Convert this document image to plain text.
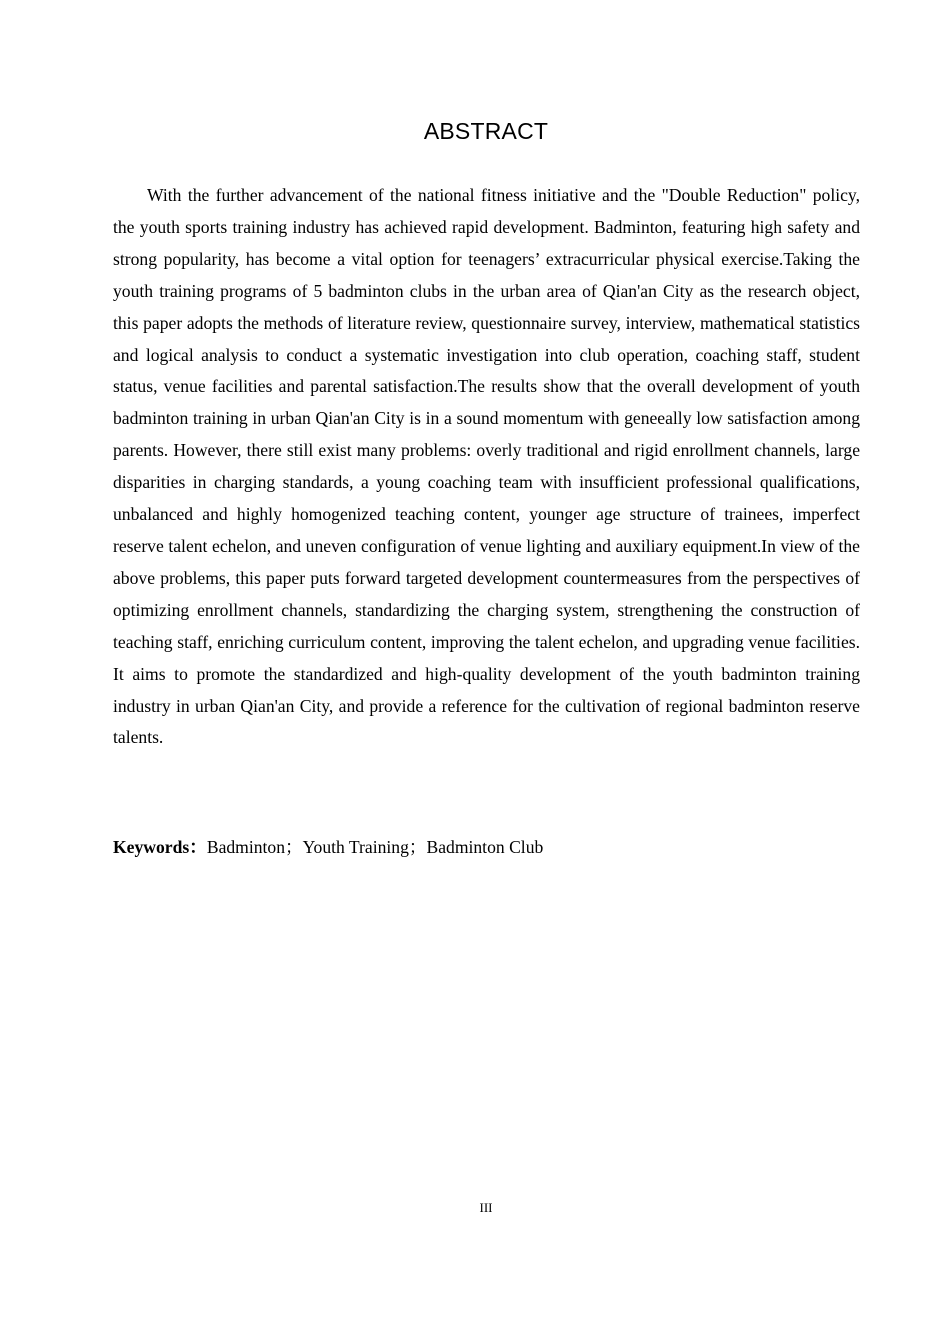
ABSTRACT

With the further advancement of the national fitness initiative and the "Double Reduction" policy, the youth sports training industry has achieved rapid development. Badminton, featuring high safety and strong popularity, has become a vital option for teenagers’ extracurricular physical exercise.Taking the youth training programs of 5 badminton clubs in the urban area of Qian'an City as the research object, this paper adopts the methods of literature review, questionnaire survey, interview, mathematical statistics and logical analysis to conduct a systematic investigation into club operation, coaching staff, student status, venue facilities and parental satisfaction.The results show that the overall development of youth badminton training in urban Qian'an City is in a sound momentum with geneeally low satisfaction among parents. However, there still exist many problems: overly traditional and rigid enrollment channels, large disparities in charging standards, a young coaching team with insufficient professional qualifications, unbalanced and highly homogenized teaching content, younger age structure of trainees, imperfect reserve talent echelon, and uneven configuration of venue lighting and auxiliary equipment.In view of the above problems, this paper puts forward targeted development countermeasures from the perspectives of optimizing enrollment channels, standardizing the charging system, strengthening the construction of teaching staff, enriching curriculum content, improving the talent echelon, and upgrading venue facilities. It aims to promote the standardized and high-quality development of the youth badminton training industry in urban Qian'an City, and provide a reference for the cultivation of regional badminton reserve talents.

Keywords：Badminton；Youth Training；Badminton Club

III
